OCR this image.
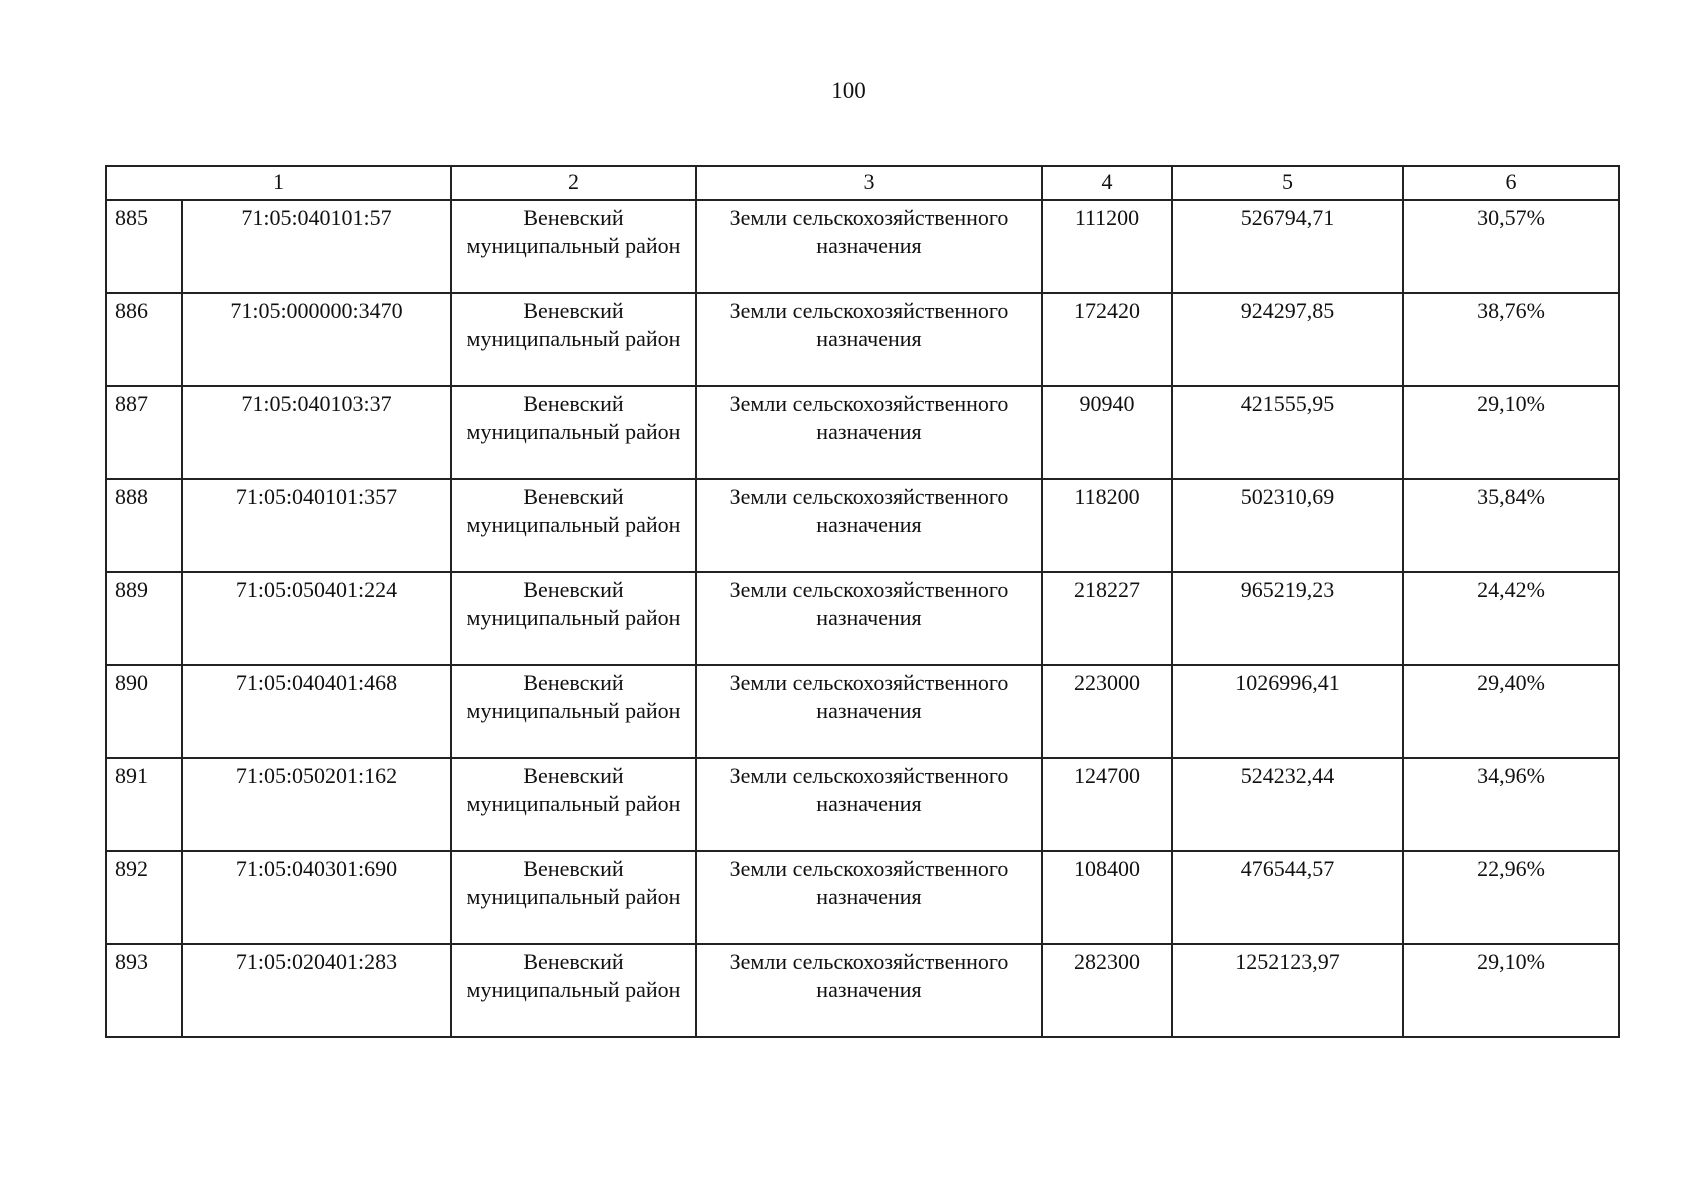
100
1		2	3	4	5	6
885	71:05:040101:57	Веневский муниципальный район	Земли сельскохозяйственного назначения	111200	526794,71	30,57%
886	71:05:000000:3470	Веневский муниципальный район	Земли сельскохозяйственного назначения	172420	924297,85	38,76%
887	71:05:040103:37	Веневский муниципальный район	Земли сельскохозяйственного назначения	90940	421555,95	29,10%
888	71:05:040101:357	Веневский муниципальный район	Земли сельскохозяйственного назначения	118200	502310,69	35,84%
889	71:05:050401:224	Веневский муниципальный район	Земли сельскохозяйственного назначения	218227	965219,23	24,42%
890	71:05:040401:468	Веневский муниципальный район	Земли сельскохозяйственного назначения	223000	1026996,41	29,40%
891	71:05:050201:162	Веневский муниципальный район	Земли сельскохозяйственного назначения	124700	524232,44	34,96%
892	71:05:040301:690	Веневский муниципальный район	Земли сельскохозяйственного назначения	108400	476544,57	22,96%
893	71:05:020401:283	Веневский муниципальный район	Земли сельскохозяйственного назначения	282300	1252123,97	29,10%
